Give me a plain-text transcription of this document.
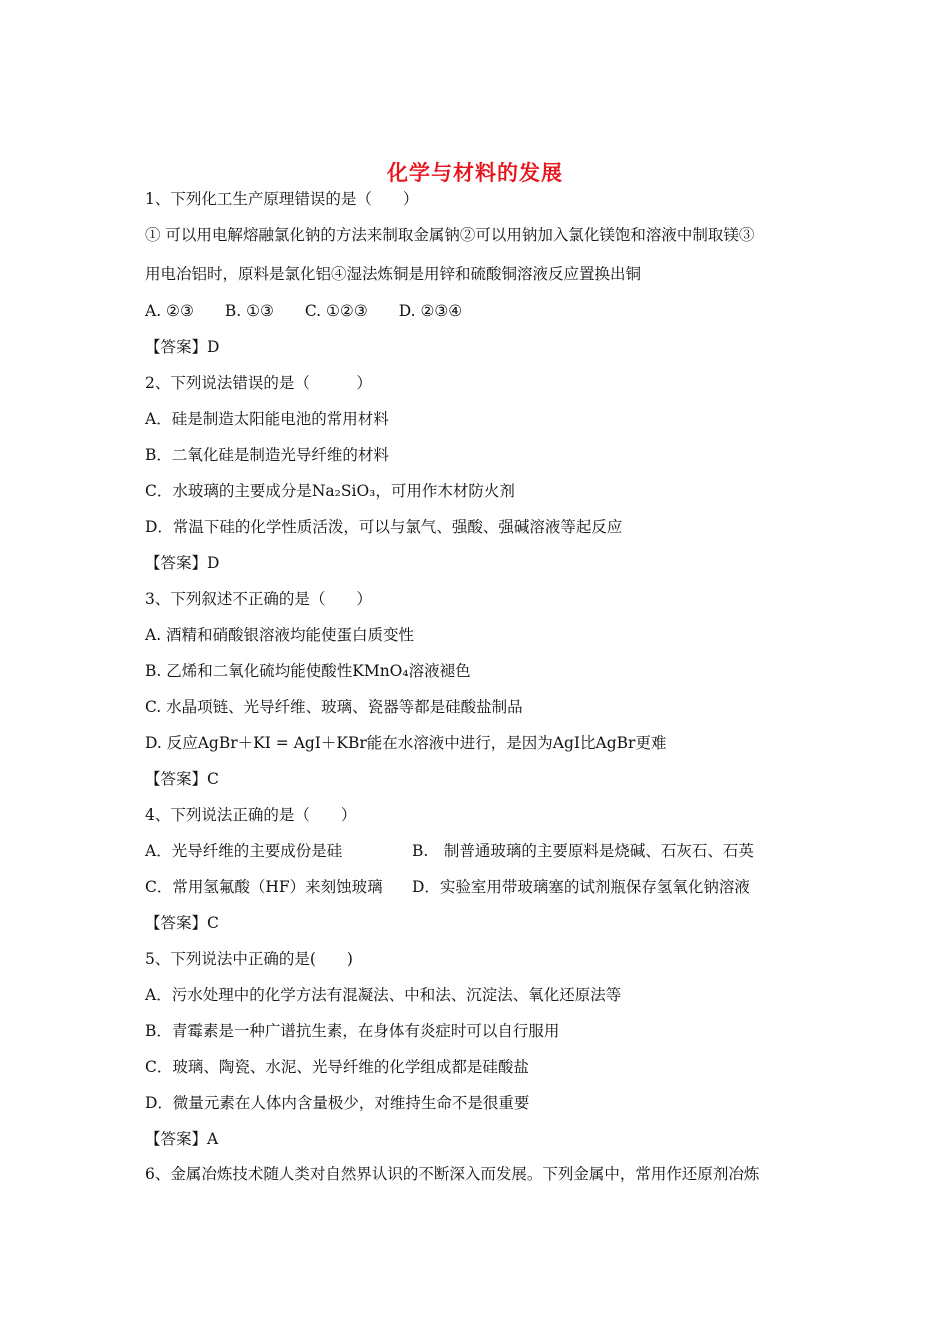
化学与材料的发展
1、下列化工生产原理错误的是（　　）
① 可以用电解熔融氯化钠的方法来制取金属钠②可以用钠加入氯化镁饱和溶液中制取镁③
用电冶铝时，原料是氯化铝④湿法炼铜是用锌和硫酸铜溶液反应置换出铜
A. ②③　　B. ①③　　C. ①②③　　D. ②③④
【答案】D
2、下列说法错误的是（　　　）
A．硅是制造太阳能电池的常用材料
B．二氧化硅是制造光导纤维的材料
C．水玻璃的主要成分是Na₂SiO₃，可用作木材防火剂
D．常温下硅的化学性质活泼，可以与氯气、强酸、强碱溶液等起反应
【答案】D
3、下列叙述不正确的是（　　）
A. 酒精和硝酸银溶液均能使蛋白质变性
B. 乙烯和二氧化硫均能使酸性KMnO₄溶液褪色
C. 水晶项链、光导纤维、玻璃、瓷器等都是硅酸盐制品
D. 反应AgBr＋KI = AgI＋KBr能在水溶液中进行，是因为AgI比AgBr更难
【答案】C
4、下列说法正确的是（　　）
A．光导纤维的主要成份是硅	B.　制普通玻璃的主要原料是烧碱、石灰石、石英
C．常用氢氟酸（HF）来刻蚀玻璃 D．实验室用带玻璃塞的试剂瓶保存氢氧化钠溶液
【答案】C
5、下列说法中正确的是(　　)
A．污水处理中的化学方法有混凝法、中和法、沉淀法、氧化还原法等
B．青霉素是一种广谱抗生素，在身体有炎症时可以自行服用
C．玻璃、陶瓷、水泥、光导纤维的化学组成都是硅酸盐
D．微量元素在人体内含量极少，对维持生命不是很重要
【答案】A
6、金属冶炼技术随人类对自然界认识的不断深入而发展。下列金属中，常用作还原剂冶炼
